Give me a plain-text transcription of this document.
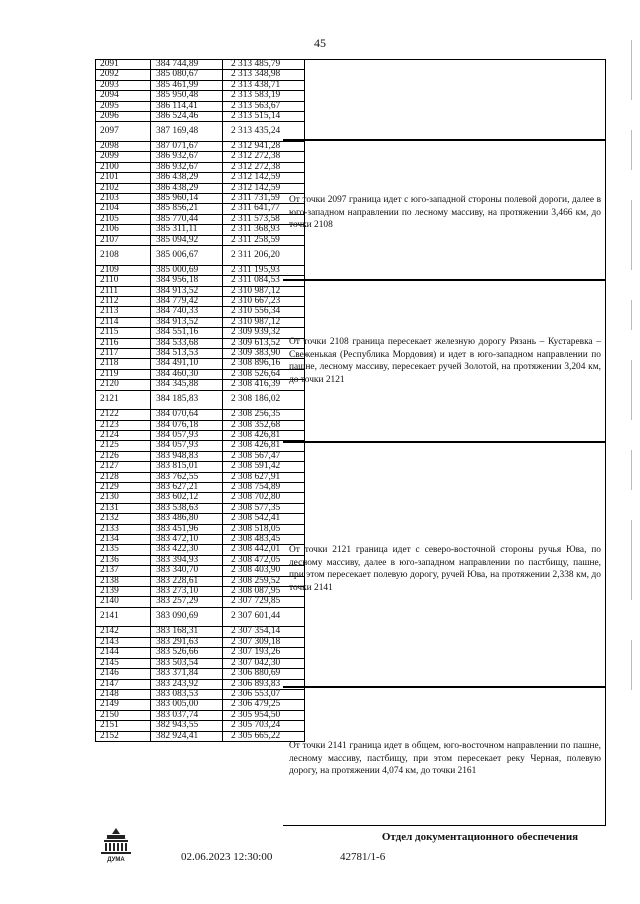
45
2091	384 744,89	2 313 485,79
2092	385 080,67	2 313 348,98
2093	385 461,99	2 313 438,71
2094	385 950,48	2 313 583,19
2095	386 114,41	2 313 563,67
2096	386 524,46	2 313 515,14
2097	387 169,48	2 313 435,24
2098	387 071,67	2 312 941,28
2099	386 932,67	2 312 272,38
2100	386 932,67	2 312 272,38
2101	386 438,29	2 312 142,59
2102	386 438,29	2 312 142,59
2103	385 960,14	2 311 731,59
2104	385 856,21	2 311 641,77
2105	385 770,44	2 311 573,58
2106	385 311,11	2 311 368,93
2107	385 094,92	2 311 258,59
2108	385 006,67	2 311 206,20
2109	385 000,69	2 311 195,93
2110	384 956,18	2 311 084,53
2111	384 913,52	2 310 987,12
2112	384 779,42	2 310 667,23
2113	384 740,33	2 310 556,34
2114	384 913,52	2 310 987,12
2115	384 551,16	2 309 939,32
2116	384 533,68	2 309 613,52
2117	384 513,53	2 309 383,90
2118	384 491,10	2 308 896,16
2119	384 460,30	2 308 526,64
2120	384 345,88	2 308 416,39
2121	384 185,83	2 308 186,02
2122	384 070,64	2 308 256,35
2123	384 076,18	2 308 352,68
2124	384 057,93	2 308 426,81
2125	384 057,93	2 308 426,81
2126	383 948,83	2 308 567,47
2127	383 815,01	2 308 591,42
2128	383 762,55	2 308 627,91
2129	383 627,21	2 308 754,89
2130	383 602,12	2 308 702,80
2131	383 538,63	2 308 577,35
2132	383 486,80	2 308 542,41
2133	383 451,96	2 308 518,05
2134	383 472,10	2 308 483,45
2135	383 422,30	2 308 442,01
2136	383 394,93	2 308 472,05
2137	383 340,70	2 308 403,90
2138	383 228,61	2 308 259,52
2139	383 273,10	2 308 087,95
2140	383 257,29	2 307 729,85
2141	383 090,69	2 307 601,44
2142	383 168,31	2 307 354,14
2143	383 291,63	2 307 309,18
2144	383 526,66	2 307 193,26
2145	383 503,54	2 307 042,30
2146	383 371,84	2 306 880,69
2147	383 243,92	2 306 893,83
2148	383 083,53	2 306 553,07
2149	383 005,00	2 306 479,25
2150	383 037,74	2 305 954,50
2151	382 943,55	2 305 703,24
2152	382 924,41	2 305 665,22
От точки 2097 граница идет с юго-западной стороны полевой дороги, далее в юго-западном направлении по лесному массиву, на протяжении 3,466 км, до точки 2108
От точки 2108 граница пересекает железную дорогу Рязань – Кустаревка – Свеженькая (Республика Мордовия) и идет в юго-западном направлении по пашне, лесному массиву, пересекает ручей Золотой, на протяжении 3,204 км, до точки 2121
От точки 2121 граница идет с северо-восточной стороны ручья Юва, по лесному массиву, далее в юго-западном направлении по пастбищу, пашне, при этом пересекает полевую дорогу, ручей Юва, на протяжении 2,338 км, до точки 2141
От точки 2141 граница идет в общем, юго-восточном направлении по пашне, лесному массиву, пастбищу, при этом пересекает реку Черная, полевую дорогу, на протяжении 4,074 км, до точки 2161
ДУМА
Отдел документационного обеспечения
02.06.2023 12:30:00	42781/1-6
